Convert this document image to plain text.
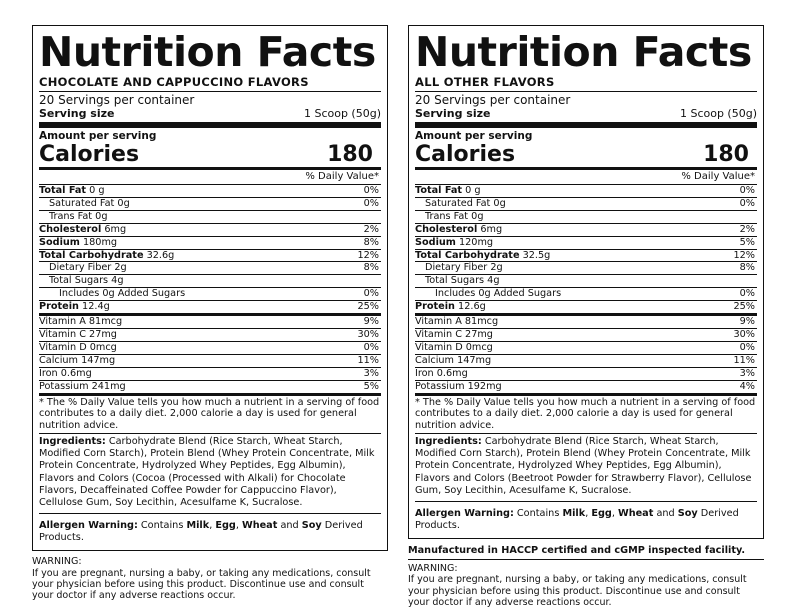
Nutrition Facts
CHOCOLATE AND CAPPUCCINO FLAVORS
20 Servings per container
Serving size	1 Scoop (50g)
Amount per serving
Calories	180
% Daily Value*
Total Fat 0 g	0%
Saturated Fat 0g	0%
Trans Fat 0g
Cholesterol 6mg	2%
Sodium 180mg	8%
Total Carbohydrate 32.6g	12%
Dietary Fiber 2g	8%
Total Sugars 4g
Includes 0g Added Sugars	0%
Protein 12.4g	25%
Vitamin A 81mcg	9%
Vitamin C 27mg	30%
Vitamin D 0mcg	0%
Calcium 147mg	11%
Iron 0.6mg	3%
Potassium 241mg	5%
* The % Daily Value tells you how much a nutrient in a serving of food contributes to a daily diet. 2,000 calorie a day is used for general nutrition advice.
Ingredients: Carbohydrate Blend (Rice Starch, Wheat Starch, Modified Corn Starch), Protein Blend (Whey Protein Concentrate, Milk Protein Concentrate, Hydrolyzed Whey Peptides, Egg Albumin), Flavors and Colors (Cocoa (Processed with Alkali) for Chocolate Flavors, Decaffeinated Coffee Powder for Cappuccino Flavor), Cellulose Gum, Soy Lecithin, Acesulfame K, Sucralose.
Allergen Warning: Contains Milk, Egg, Wheat and Soy Derived Products.
WARNING:
If you are pregnant, nursing a baby, or taking any medications, consult your physician before using this product. Discontinue use and consult your doctor if any adverse reactions occur.
Nutrition Facts
ALL OTHER FLAVORS
20 Servings per container
Serving size	1 Scoop (50g)
Amount per serving
Calories	180
% Daily Value*
Total Fat 0 g	0%
Saturated Fat 0g	0%
Trans Fat 0g
Cholesterol 6mg	2%
Sodium 120mg	5%
Total Carbohydrate 32.5g	12%
Dietary Fiber 2g	8%
Total Sugars 4g
Includes 0g Added Sugars	0%
Protein 12.6g	25%
Vitamin A 81mcg	9%
Vitamin C 27mg	30%
Vitamin D 0mcg	0%
Calcium 147mg	11%
Iron 0.6mg	3%
Potassium 192mg	4%
* The % Daily Value tells you how much a nutrient in a serving of food contributes to a daily diet. 2,000 calorie a day is used for general nutrition advice.
Ingredients: Carbohydrate Blend (Rice Starch, Wheat Starch, Modified Corn Starch), Protein Blend (Whey Protein Concentrate, Milk Protein Concentrate, Hydrolyzed Whey Peptides, Egg Albumin), Flavors and Colors (Beetroot Powder for Strawberry Flavor), Cellulose Gum, Soy Lecithin, Acesulfame K, Sucralose.
Allergen Warning: Contains Milk, Egg, Wheat and Soy Derived Products.
Manufactured in HACCP certified and cGMP inspected facility.
WARNING:
If you are pregnant, nursing a baby, or taking any medications, consult your physician before using this product. Discontinue use and consult your doctor if any adverse reactions occur.
